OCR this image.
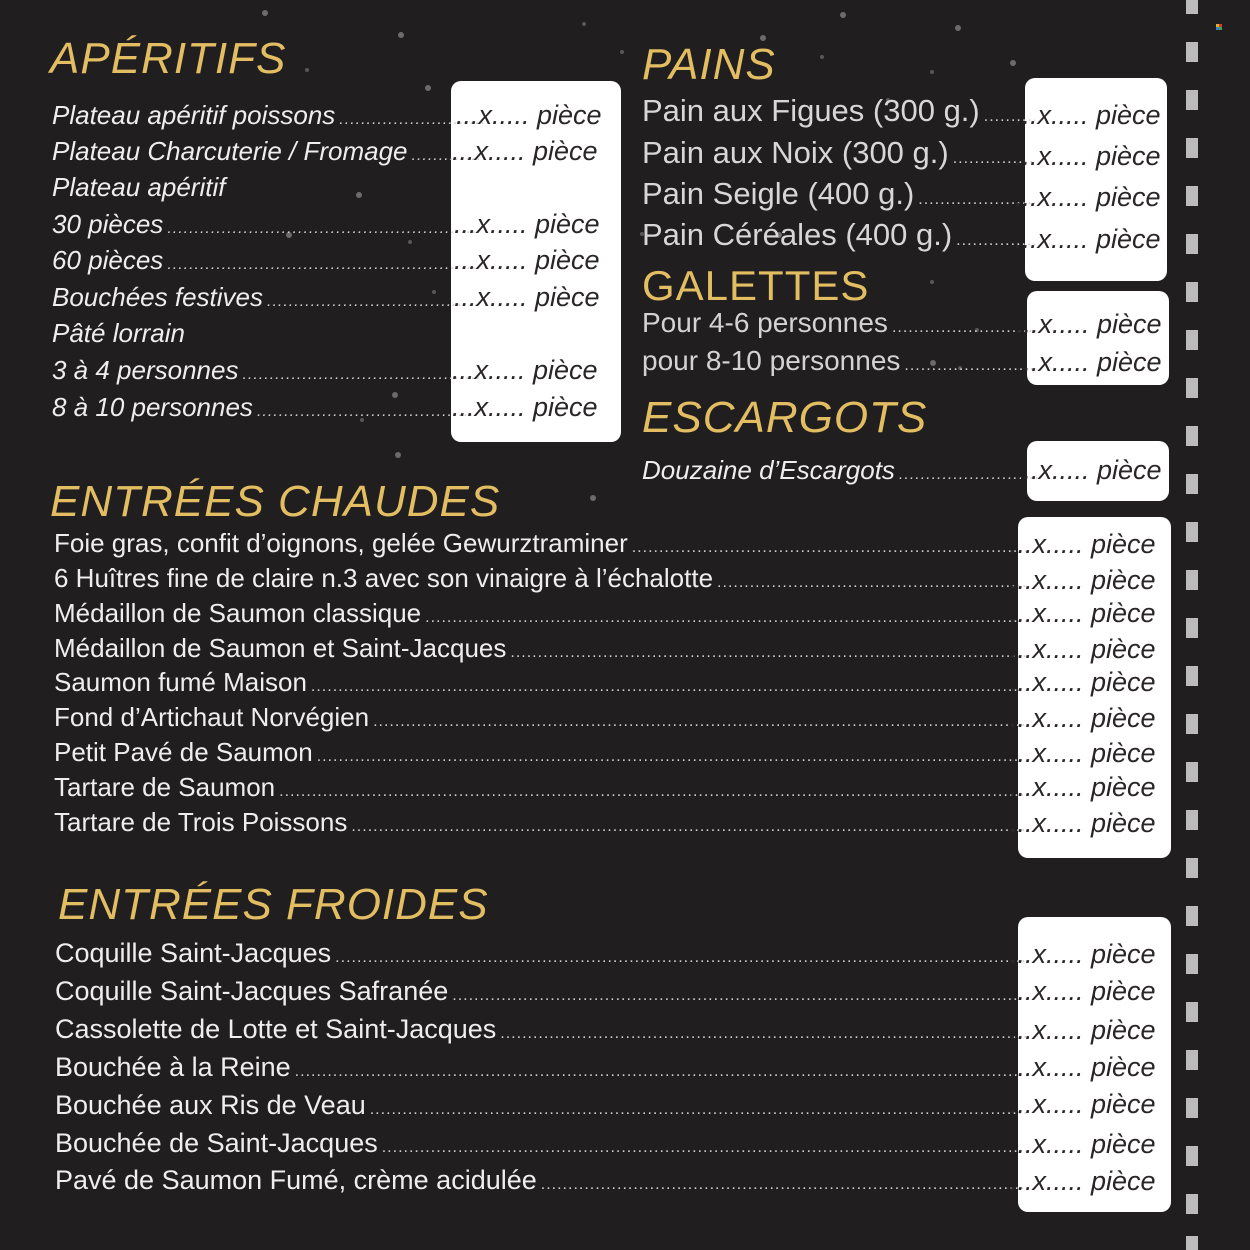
APÉRITIFS
Plateau apéritif poissons .....	...x..... pièce
Plateau Charcuterie / Fromage ..... ...x..... pièce
Plateau apéritif
30 pièces .....	...x..... pièce
60 pièces .....	...x..... pièce
Bouchées festives .....	...x..... pièce
Pâté lorrain
3 à 4 personnes .....	...x..... pièce
8 à 10 personnes .....	...x..... pièce
PAINS
Pain aux Figues (300 g.) ..... ...x..... pièce
Pain aux Noix (300 g.) ..... ...x..... pièce
Pain Seigle (400 g.) .....	...x..... pièce
Pain Céréales (400 g.) ..... ...x..... pièce
GALETTES
Pour 4-6 personnes .....	...x..... pièce
pour 8-10 personnes .....	...x..... pièce
ESCARGOTS
Douzaine d’Escargots .....	...x..... pièce
ENTRÉES CHAUDES
Foie gras, confit d’oignons, gelée Gewurztraminer .....	...x..... pièce
6 Huîtres fine de claire n.3 avec son vinaigre à l’échalotte .....	...x..... pièce
Médaillon de Saumon classique .....	...x..... pièce
Médaillon de Saumon et Saint-Jacques .....	...x..... pièce
Saumon fumé Maison .....	...x..... pièce
Fond d’Artichaut Norvégien .....	...x..... pièce
Petit Pavé de Saumon .....	...x..... pièce
Tartare de Saumon .....	...x..... pièce
Tartare de Trois Poissons .....	...x..... pièce
ENTRÉES FROIDES
Coquille Saint-Jacques .....	...x..... pièce
Coquille Saint-Jacques Safranée .....	...x..... pièce
Cassolette de Lotte et Saint-Jacques .....	...x..... pièce
Bouchée à la Reine .....	...x..... pièce
Bouchée aux Ris de Veau .....	...x..... pièce
Bouchée de Saint-Jacques .....	...x..... pièce
Pavé de Saumon Fumé, crème acidulée .....	...x..... pièce
